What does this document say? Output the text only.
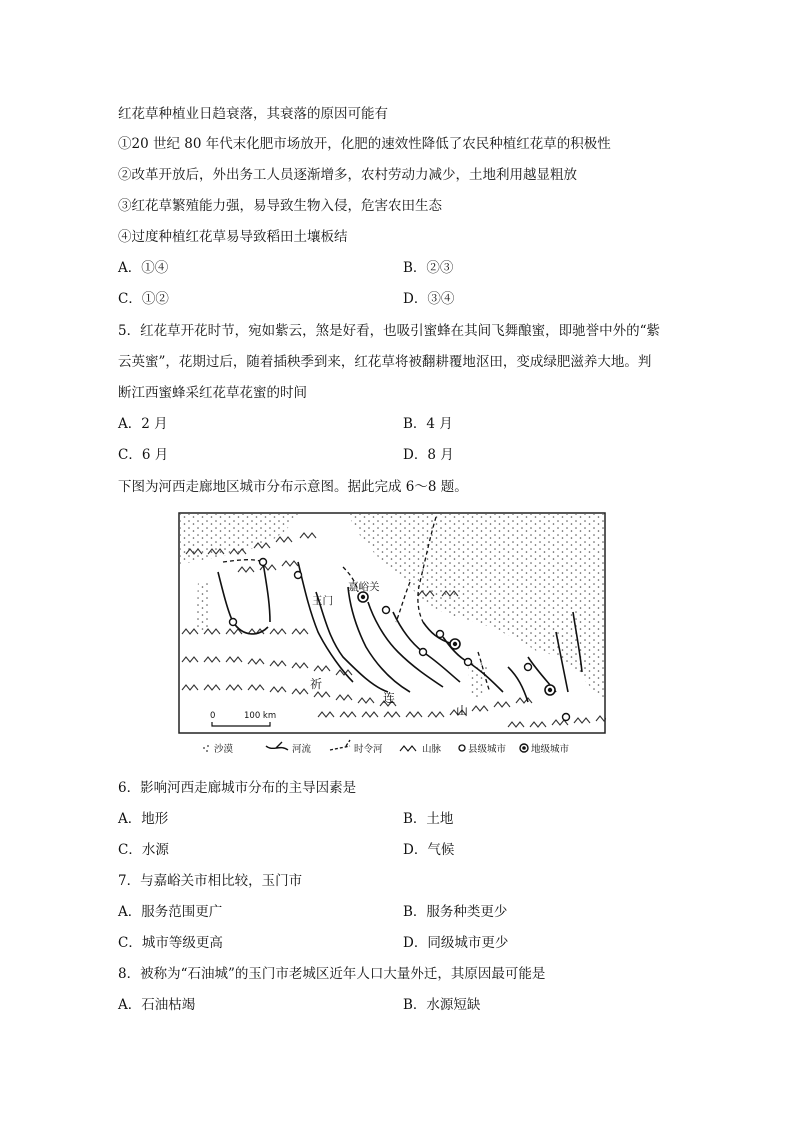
红花草种植业日趋衰落，其衰落的原因可能有
①20 世纪 80 年代末化肥市场放开，化肥的速效性降低了农民种植红花草的积极性
②改革开放后，外出务工人员逐渐增多，农村劳动力减少，土地利用越显粗放
③红花草繁殖能力强，易导致生物入侵，危害农田生态
④过度种植红花草易导致稻田土壤板结
A．①④	B．②③
C．①②	D．③④
5．红花草开花时节，宛如紫云，煞是好看，也吸引蜜蜂在其间飞舞酿蜜，即驰誉中外的“紫
云英蜜”，花期过后，随着插秧季到来，红花草将被翻耕覆地沤田，变成绿肥滋养大地。判
断江西蜜蜂采红花草花蜜的时间
A．2 月	B．4 月
C．6 月	D．8 月
下图为河西走廊地区城市分布示意图。据此完成 6～8 题。
玉门
嘉峪关
祈
连
山
0	100 km
沙漠	河流	时令河	山脉	县级城市	地级城市
6．影响河西走廊城市分布的主导因素是
A．地形	B．土地
C．水源	D．气候
7．与嘉峪关市相比较，玉门市
A．服务范围更广	B．服务种类更少
C．城市等级更高	D．同级城市更少
8．被称为“石油城”的玉门市老城区近年人口大量外迁，其原因最可能是
A．石油枯竭	B．水源短缺
